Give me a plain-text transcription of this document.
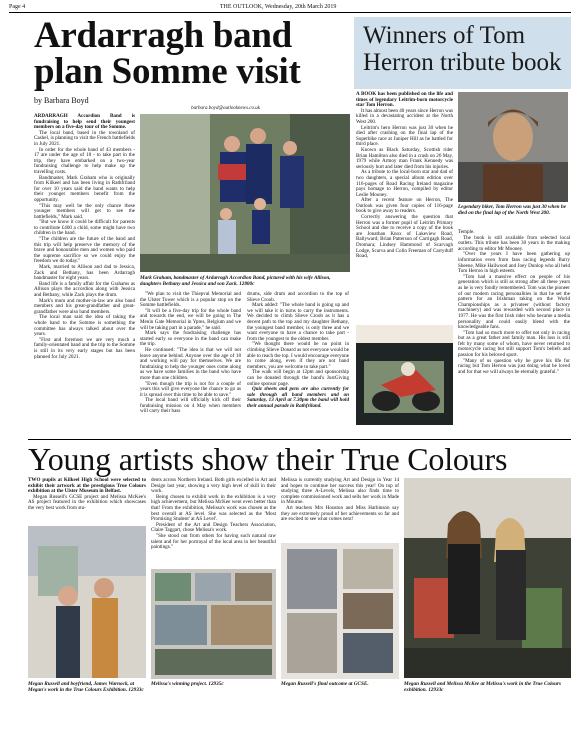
Page 4	THE OUTLOOK, Wednesday, 20th March 2019
Ardarragh band plan Somme visit
by Barbara Boyd
barbara.boyd@outlooknews.co.uk

ARDARRAGH Accordion Band is fundraising to help send their youngest members on a five-day tour of the Somme.

The local band, based in the townland of Cashel, is planning to visit the French battlefields in July 2021.

In order for the whole band of 43 members - 17 are under the age of 18 - to take part in the trip, they have embarked on a two-year fundraising challenge to help make up the travelling costs.

Bandmaster, Mark Graham who is originally from Kilkeel and has been living in Rathfriland for over 10 years said the band wants to help their younger members benefit from the opportunity.

"This may well be the only chance these younger members will get to see the battlefields," Mark said.

"But we know it could be difficult for parents to contribute £400 a child, some might have two children in the band.

"The children are the future of the band and this trip will help preserve the memory of the brave and honourable men and women who paid the supreme sacrifice so we could enjoy the freedom we do today."

Mark, married to Allison and dad to Jessica, Zack and Bethany, has been Ardarragh bandmaster for eight years.

Band life is a family affair for the Grahams as Allison plays the accordion along with Jessica and Bethany, while Zack plays the drum.

Mark's mum and mother-in-law are also band members and his great-grandfather and great-grandfather were also band members.

The local man said the idea of taking the whole band to the Somme is something the committee has always talked about over the years.

"First and foremost we are very much a family-orientated band and the trip to the Somme is still in its very early stages but has been planned for July 2021.

Mark Graham, bandmaster of Ardarragh Accordion Band, pictured with his wife Allison, daughters Bethany and Jessica and son Zack. 12800c

"We plan to visit the Thiepval Memorial and the Ulster Tower which is a popular stop on the Somme battlefields.

"It will be a five-day trip for the whole band and towards the end, we will be going to The Menin Gate Memorial in Ypres, Belgium and we will be taking part in a parade," he said.

Mark says the fundraising challenge has started early so everyone in the band can make the trip.

He continued: "The idea is that we will not leave anyone behind. Anyone over the age of 18 and working will pay for themselves. We are fundraising to help the younger ones come along as we have some families in the band who have more than one children.

"Even though the trip is not for a couple of years this will give everyone the chance to go as it is spread over this time to be able to save."

The local band will officially kick off their fundraising mission on 4 May when members will carry their bass

drums, side drum and accordion to the top of Slieve Croob.

Mark added: "The whole band is going up and we will take it in turns to carry the instruments. We decided to climb Slieve Croob as it has a decent path to the top and my daughter Bethany, the youngest band member, is only three and we want everyone to have a chance to take part - from the youngest to the oldest member.

"We thought there would be no point in climbing Slieve Donard as not everyone would be able to reach the top. I would encourage everyone to come along, even if they are not band members, you are welcome to take part."

The walk will begin at 12pm and sponsorship can be donated through the band's JustGiving online sponsor page.

Quiz sheets and pens are also currently for sale through all band members and on Saturday, 13 April at 7.30pm the band will hold their annual parade in Rathfriland.

Winners of Tom Herron tribute book

A BOOK has been published on the life and times of legendary Leitrim-born motorcycle star Tom Herron.

It has almost been 40 years since Herron was killed in a devastating accident at the North West 200.

Leitrim's hero Herron was just 30 when he died after crashing on the final lap of the Superbike race at Juniper Hill as he battled for third place.

Known as Black Saturday, Scottish rider Brian Hamilton also died in a crash on 26 May, 1979 while Armoy man Frank Kennedy was seriously hurt and later died from his injuries.

As a tribute to the local-born star and dad of two daughters, a special album edition over 116-pages of Road Racing Ireland magazine pays homage to Herron, compiled by editor Leslie Mooney.

After a recent feature on Herron, The Outlook was given four copies of 116-page book to give away to readers.

Correctly answering the question that Herron was a former pupil of Leitrim Primary School and due to receive a copy of the book are Jonathan Knox of Lakeview Road, Ballyward; Brian Patterson of Carrigagh Road, Dromara; Lindsey Hammond of Scarvagh Lodge, Scarva and Colin Freeman of Carryduff Road,

Legendary biker, Tom Herron was just 30 when he died on the final lap of the North West 200.

Temple.

The book is still available from selected local outlets. This tribute has been 30 years in the making according to editor Mr Mooney.

"Over the years I have been gathering up information even from fans racing legends Barry Sheene, Mike Hailwood and Joey Dunlop who all held Tom Herron in high esteem.

"Tom had a massive effect on people of his generation which is still as strong after all these years as he is very fondly remembered. Tom was the pioneer of our modern racing personalities in that he set the pattern for an Irishman taking on the World Championships as a privateer (without factory machinery) and was rewarded with second place in 1977. He was the first Irish rider who became a media personality and could easily blend with the knowledgeable fans.

"Tom had so much more to offer not only in racing but as a great father and family man. His loss is still felt by many some of whom, have never returned to motorcycle racing but still support Tom's beliefs and passion for his beloved sport.

"Many of us question why he gave his life for racing but Tom Herron was just doing what he loved and for that we will always be eternally grateful."

Young artists show their True Colours

TWO pupils at Kilkeel High School were selected to exhibit their artwork at the prestigious True Colours exhibition at the Ulster Museum in Belfast.

Megan Russell's GCSE project and Melissa McKee's AS project featured in the exhibition which showcases the very best work from stu-

Megan Russell and boyfriend, James Warnock, at Megan's work in the True Colours Exhibition. 12933c

dents across Northern Ireland. Both girls excelled in Art and Design last year, showing a very high level of skill in their work.

Being chosen to exhibit work in the exhibition is a very high achievement, but Melissa McKee went even better than that! From the exhibition, Melissa's work was chosen as the best overall at AS level. She was selected as the 'Most Promising Student' at AS Level'.

President of the Art and Design Teachers Association, Claire Taggart, chose Melissa's work.

"She stood out from others for having such natural raw talent and for her portrayal of the local area in her beautiful paintings."

Melissa's winning project. 12935c

Melissa is currently studying Art and Design in Year 14 and hopes to continue her success this year! On top of studying three A-Levels, Melissa also finds time to complete commissioned work and sells her work in Made in Mourne.

Art teachers Mrs Houston and Miss Harbinson say they are extremely proud of her achievements so far and are excited to see what comes next!

Megan Russell's final outcome at GCSE.	Megan Russell and Melissa McKee at Melissa's work in the True Colours exhibition. 12933c
